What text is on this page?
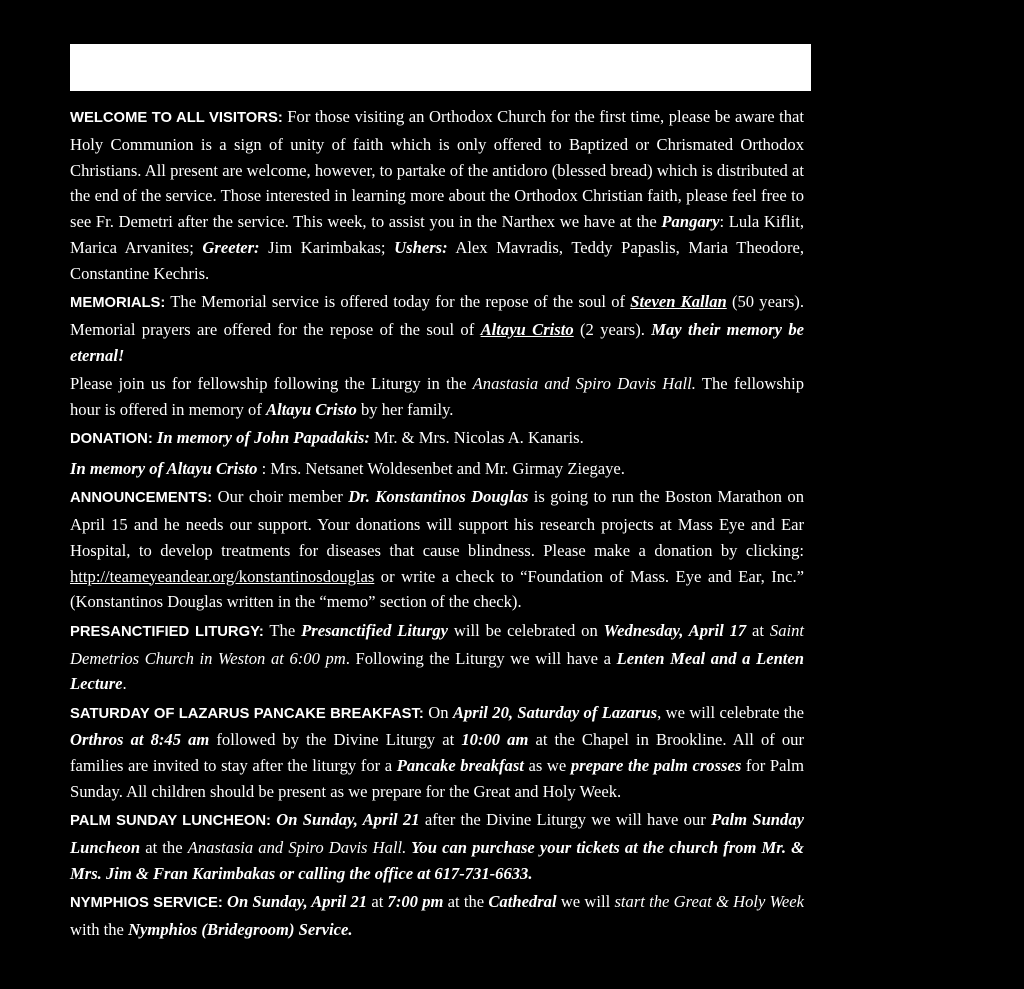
WELCOME TO ALL VISITORS: For those visiting an Orthodox Church for the first time, please be aware that Holy Communion is a sign of unity of faith which is only offered to Baptized or Chrismated Orthodox Christians. All present are welcome, however, to partake of the antidoro (blessed bread) which is distributed at the end of the service. Those interested in learning more about the Orthodox Christian faith, please feel free to see Fr. Demetri after the service. This week, to assist you in the Narthex we have at the Pangary: Lula Kiflit, Marica Arvanites; Greeter: Jim Karimbakas; Ushers: Alex Mavradis, Teddy Papaslis, Maria Theodore, Constantine Kechris.

MEMORIALS: The Memorial service is offered today for the repose of the soul of Steven Kallan (50 years). Memorial prayers are offered for the repose of the soul of Altayu Cristo (2 years). May their memory be eternal!

Please join us for fellowship following the Liturgy in the Anastasia and Spiro Davis Hall. The fellowship hour is offered in memory of Altayu Cristo by her family.

DONATION: In memory of John Papadakis: Mr. & Mrs. Nicolas A. Kanaris.

In memory of Altayu Cristo : Mrs. Netsanet Woldesenbet and Mr. Girmay Ziegaye.

ANNOUNCEMENTS: Our choir member Dr. Konstantinos Douglas is going to run the Boston Marathon on April 15 and he needs our support. Your donations will support his research projects at Mass Eye and Ear Hospital, to develop treatments for diseases that cause blindness. Please make a donation by clicking: http://teameyeandear.org/konstantinosdouglas or write a check to “Foundation of Mass. Eye and Ear, Inc.” (Konstantinos Douglas written in the “memo” section of the check).

PRESANCTIFIED LITURGY: The Presanctified Liturgy will be celebrated on Wednesday, April 17 at Saint Demetrios Church in Weston at 6:00 pm. Following the Liturgy we will have a Lenten Meal and a Lenten Lecture.

SATURDAY OF LAZARUS PANCAKE BREAKFAST: On April 20, Saturday of Lazarus, we will celebrate the Orthros at 8:45 am followed by the Divine Liturgy at 10:00 am at the Chapel in Brookline. All of our families are invited to stay after the liturgy for a Pancake breakfast as we prepare the palm crosses for Palm Sunday. All children should be present as we prepare for the Great and Holy Week.

PALM SUNDAY LUNCHEON: On Sunday, April 21 after the Divine Liturgy we will have our Palm Sunday Luncheon at the Anastasia and Spiro Davis Hall. You can purchase your tickets at the church from Mr. & Mrs. Jim & Fran Karimbakas or calling the office at 617-731-6633.

NYMPHIOS SERVICE: On Sunday, April 21 at 7:00 pm at the Cathedral we will start the Great & Holy Week with the Nymphios (Bridegroom) Service.
